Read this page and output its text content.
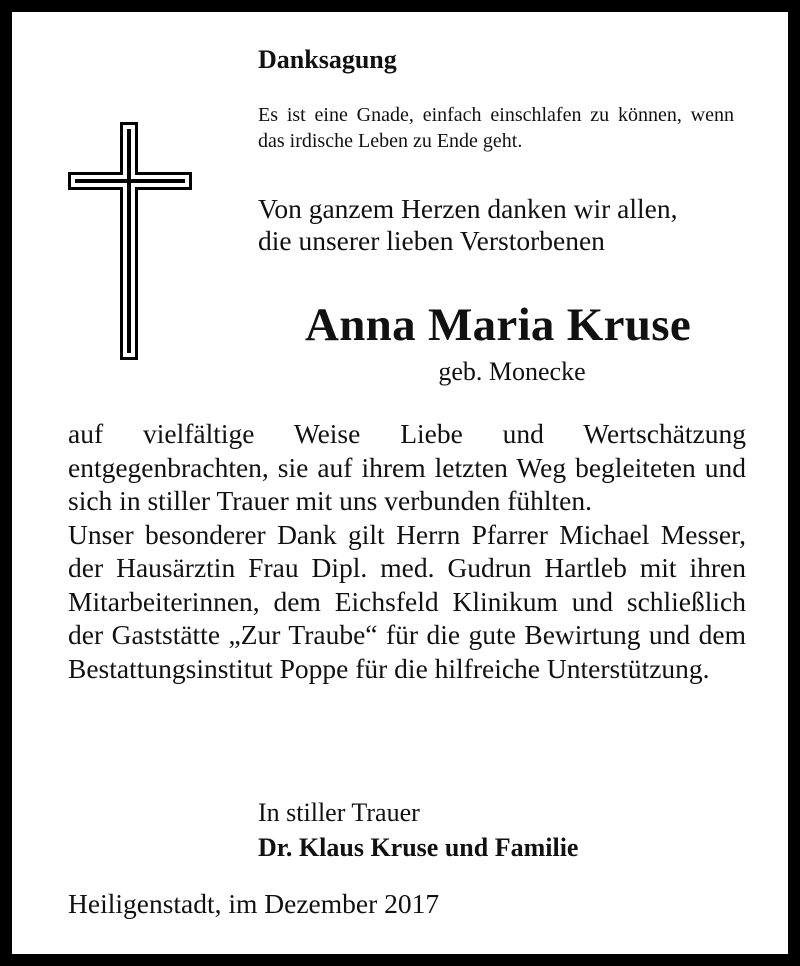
Danksagung
Es ist eine Gnade, einfach einschlafen zu können, wenn das irdische Leben zu Ende geht.
Von ganzem Herzen danken wir allen,
die unserer lieben Verstorbenen
Anna Maria Kruse
geb. Monecke

auf vielfältige Weise Liebe und Wertschätzung entgegenbrachten, sie auf ihrem letzten Weg begleiteten und sich in stiller Trauer mit uns verbunden fühlten.

Unser besonderer Dank gilt Herrn Pfarrer Michael Messer, der Hausärztin Frau Dipl. med. Gudrun Hartleb mit ihren Mitarbeiterinnen, dem Eichsfeld Klinikum und schließlich der Gaststätte „Zur Traube“ für die gute Bewirtung und dem Bestattungsinstitut Poppe für die hilfreiche Unterstützung.

In stiller Trauer
Dr. Klaus Kruse und Familie
Heiligenstadt, im Dezember 2017
